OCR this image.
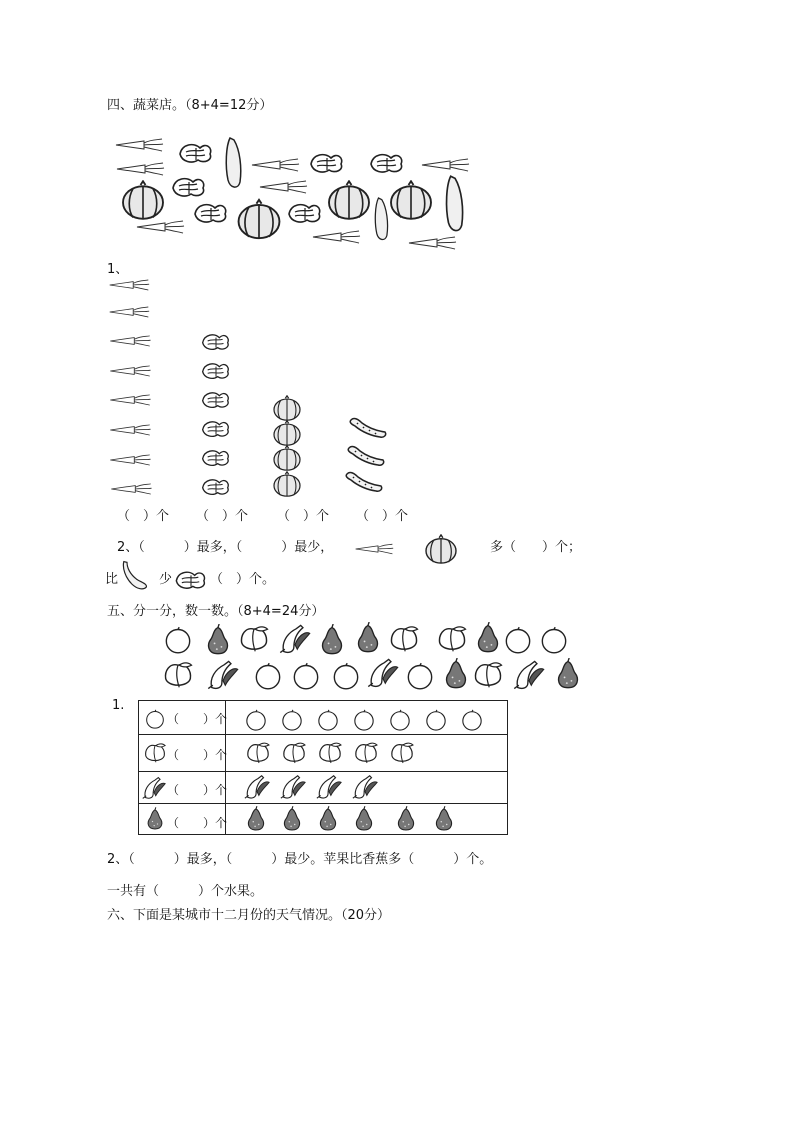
四、蔬菜店。（8+4=12分）
1、
（　）个 （　）个 （　）个 （　）个
2、（　　　）最多，（　　　）最少，	多（　　）个；
比	少	（　）个。
五、分一分，数一数。（8+4=24分）
1.
（　　）个
（　　）个
（　　）个
（　　）个
2、（　　　）最多，（　　　）最少。苹果比香蕉多（　　　）个。
一共有（　　　）个水果。
六、下面是某城市十二月份的天气情况。（20分）
